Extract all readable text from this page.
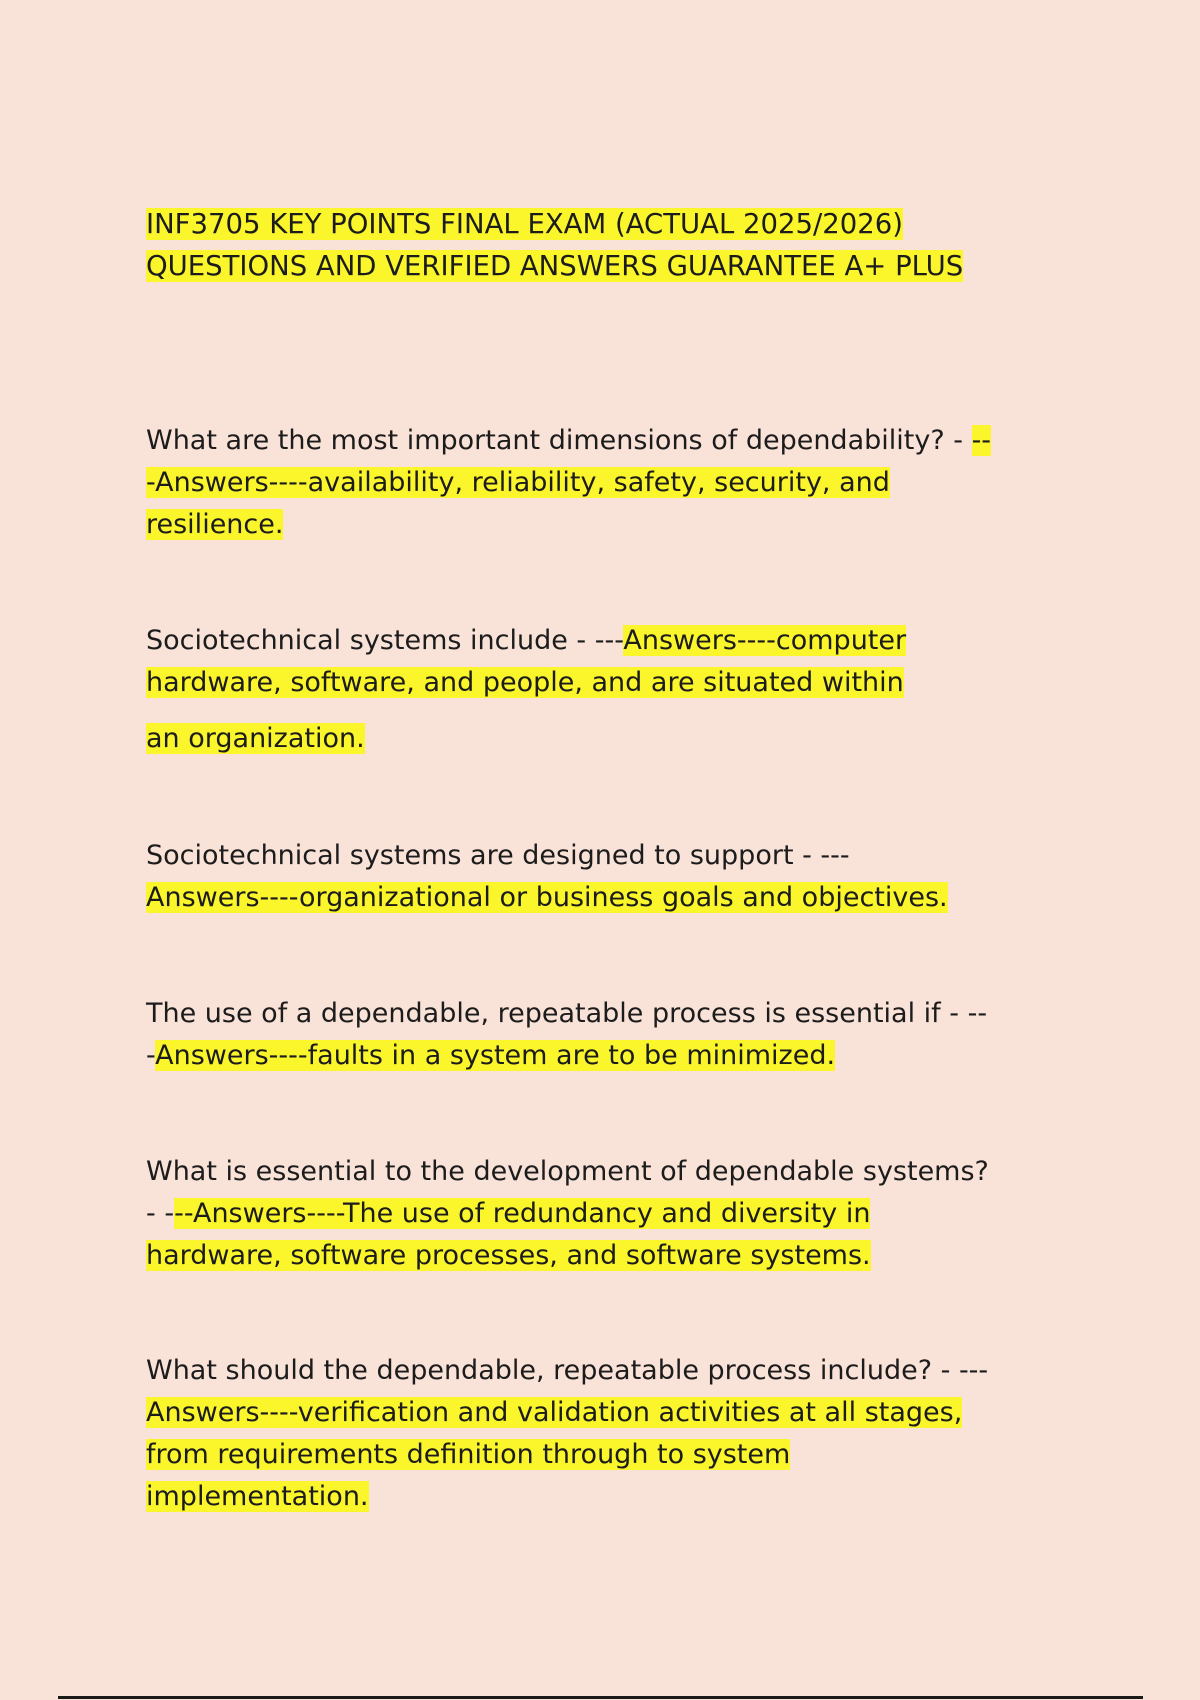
INF3705 KEY POINTS FINAL EXAM (ACTUAL 2025/2026)
QUESTIONS AND VERIFIED ANSWERS GUARANTEE A+ PLUS
What are the most important dimensions of dependability? - --
-Answers----availability, reliability, safety, security, and
resilience.
Sociotechnical systems include - ---Answers----computer
hardware, software, and people, and are situated within
an organization.
Sociotechnical systems are designed to support - ---
Answers----organizational or business goals and objectives.
The use of a dependable, repeatable process is essential if - --
-Answers----faults in a system are to be minimized.
What is essential to the development of dependable systems?
- ---Answers----The use of redundancy and diversity in
hardware, software processes, and software systems.
What should the dependable, repeatable process include? - ---
Answers----verification and validation activities at all stages,
from requirements definition through to system
implementation.
